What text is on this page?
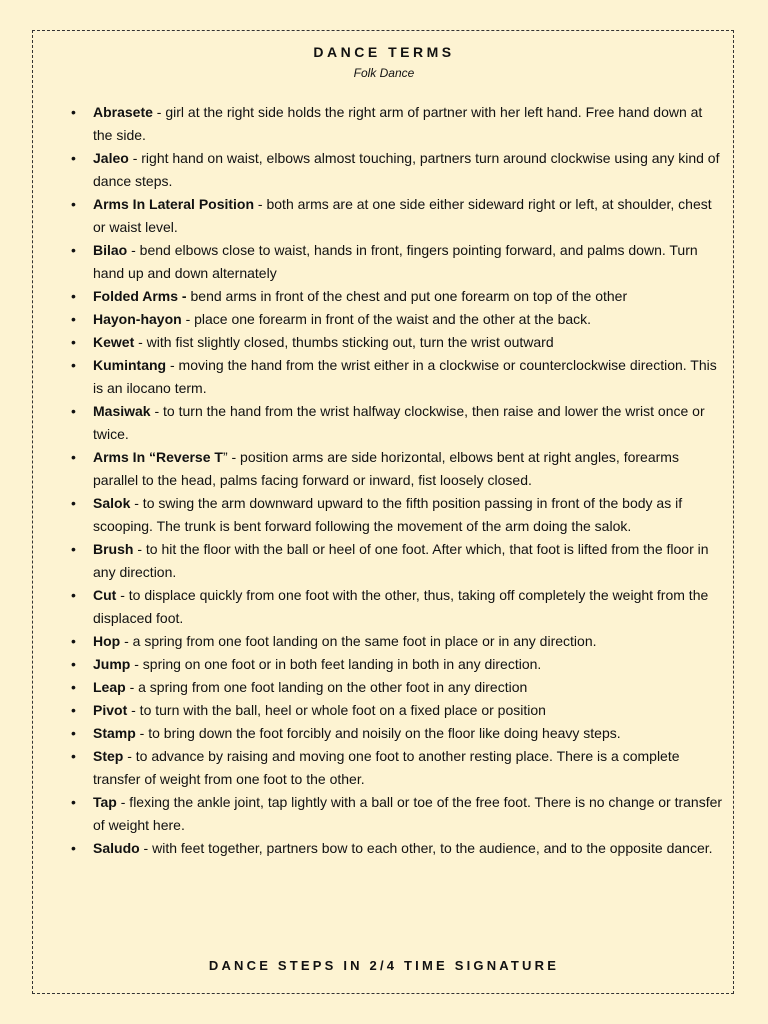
DANCE TERMS
Folk Dance
• Abrasete - girl at the right side holds the right arm of partner with her left hand. Free hand down at the side.
• Jaleo - right hand on waist, elbows almost touching, partners turn around clockwise using any kind of dance steps.
• Arms In Lateral Position - both arms are at one side either sideward right or left, at shoulder, chest or waist level.
• Bilao - bend elbows close to waist, hands in front, fingers pointing forward, and palms down. Turn hand up and down alternately
• Folded Arms - bend arms in front of the chest and put one forearm on top of the other
• Hayon-hayon - place one forearm in front of the waist and the other at the back.
• Kewet - with fist slightly closed, thumbs sticking out, turn the wrist outward
• Kumintang - moving the hand from the wrist either in a clockwise or counterclockwise direction. This is an ilocano term.
• Masiwak - to turn the hand from the wrist halfway clockwise, then raise and lower the wrist once or twice.
• Arms In “Reverse T” - position arms are side horizontal, elbows bent at right angles, forearms parallel to the head, palms facing forward or inward, fist loosely closed.
• Salok - to swing the arm downward upward to the fifth position passing in front of the body as if scooping. The trunk is bent forward following the movement of the arm doing the salok.
• Brush - to hit the floor with the ball or heel of one foot. After which, that foot is lifted from the floor in any direction.
• Cut - to displace quickly from one foot with the other, thus, taking off completely the weight from the displaced foot.
• Hop - a spring from one foot landing on the same foot in place or in any direction.
• Jump - spring on one foot or in both feet landing in both in any direction.
• Leap - a spring from one foot landing on the other foot in any direction
• Pivot - to turn with the ball, heel or whole foot on a fixed place or position
• Stamp - to bring down the foot forcibly and noisily on the floor like doing heavy steps.
• Step - to advance by raising and moving one foot to another resting place. There is a complete transfer of weight from one foot to the other.
• Tap - flexing the ankle joint, tap lightly with a ball or toe of the free foot. There is no change or transfer of weight here.
• Saludo - with feet together, partners bow to each other, to the audience, and to the opposite dancer.
DANCE STEPS IN 2/4 TIME SIGNATURE
